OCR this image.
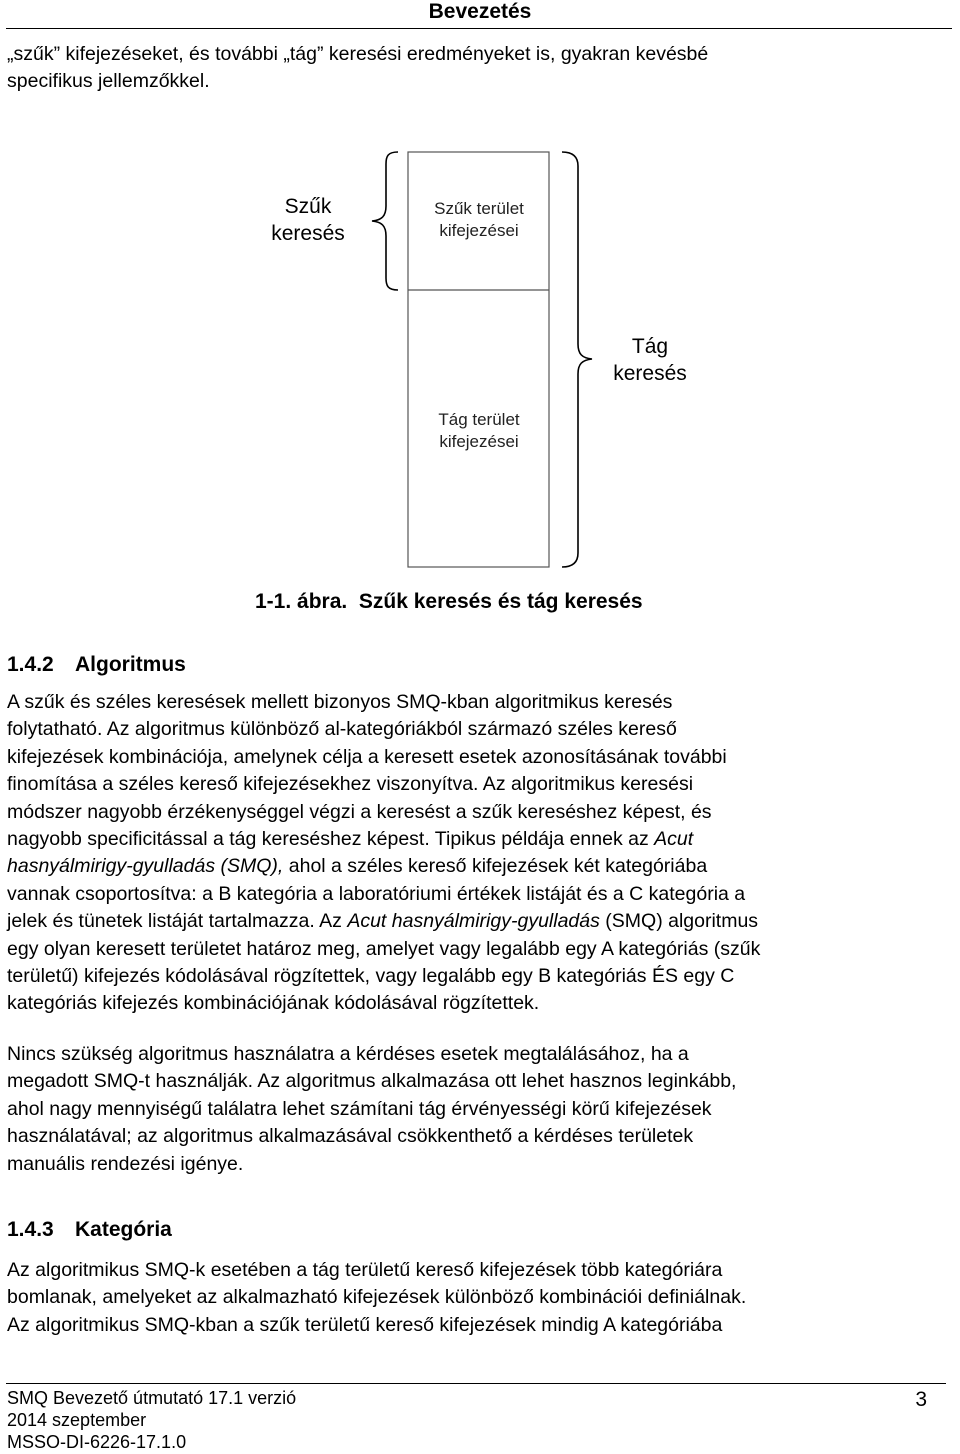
Bevezetés
„szűk” kifejezéseket, és további „tág” keresési eredményeket is, gyakran kevésbé
specifikus jellemzőkkel.
Szűk
keresés
Szűk terület
kifejezései
Tág
keresés
Tág terület
kifejezései
1-1. ábra.  Szűk keresés és tág keresés
1.4.2 Algoritmus
A szűk és széles keresések mellett bizonyos SMQ-kban algoritmikus keresés
folytatható. Az algoritmus különböző al-kategóriákból származó széles kereső
kifejezések kombinációja, amelynek célja a keresett esetek azonosításának további
finomítása a széles kereső kifejezésekhez viszonyítva. Az algoritmikus keresési
módszer nagyobb érzékenységgel végzi a keresést a szűk kereséshez képest, és
nagyobb specificitással a tág kereséshez képest. Tipikus példája ennek az Acut
hasnyálmirigy-gyulladás (SMQ), ahol a széles kereső kifejezések két kategóriába
vannak csoportosítva: a B kategória a laboratóriumi értékek listáját és a C kategória a
jelek és tünetek listáját tartalmazza. Az Acut hasnyálmirigy-gyulladás (SMQ) algoritmus
egy olyan keresett területet határoz meg, amelyet vagy legalább egy A kategóriás (szűk
területű) kifejezés kódolásával rögzítettek, vagy legalább egy B kategóriás ÉS egy C
kategóriás kifejezés kombinációjának kódolásával rögzítettek.
Nincs szükség algoritmus használatra a kérdéses esetek megtalálásához, ha a
megadott SMQ-t használják. Az algoritmus alkalmazása ott lehet hasznos leginkább,
ahol nagy mennyiségű találatra lehet számítani tág érvényességi körű kifejezések
használatával; az algoritmus alkalmazásával csökkenthető a kérdéses területek
manuális rendezési igénye.
1.4.3 Kategória
Az algoritmikus SMQ-k esetében a tág területű kereső kifejezések több kategóriára
bomlanak, amelyeket az alkalmazható kifejezések különböző kombinációi definiálnak.
Az algoritmikus SMQ-kban a szűk területű kereső kifejezések mindig A kategóriába
SMQ Bevezető útmutató 17.1 verzió
2014 szeptember
MSSO-DI-6226-17.1.0
3
